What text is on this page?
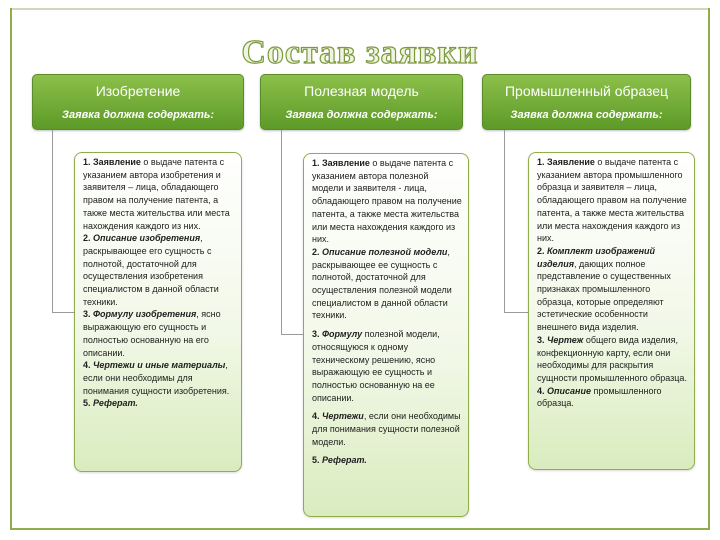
Состав заявки
Изобретение
Заявка должна содержать:
Полезная модель
Заявка должна содержать:
Промышленный образец
Заявка должна содержать:

1. Заявление о выдаче патента с указанием автора изобретения и заявителя – лица, обладающего правом на получение патента, а также места жительства или места нахождения каждого из них.

2. Описание изобретения, раскрывающее его сущность с полнотой, достаточной для осуществления изобретения специалистом в данной области техники.

3. Формулу изобретения, ясно выражающую его сущность и полностью основанную на его описании.

4. Чертежи и иные материалы, если они необходимы для понимания сущности изобретения.

5. Реферат.

1. Заявление о выдаче патента с указанием автора полезной модели и заявителя - лица, обладающего правом на получение патента, а также места жительства или места нахождения каждого из них.

2. Описание полезной модели, раскрывающее ее сущность с полнотой, достаточной для осуществления полезной модели специалистом в данной области техники.

3. Формулу полезной модели, относящуюся к одному техническому решению, ясно выражающую ее сущность и полностью основанную на ее описании.

4. Чертежи, если они необходимы для понимания сущности полезной модели.

5. Реферат.

1. Заявление о выдаче патента с указанием автора промышленного образца и заявителя – лица, обладающего правом на получение патента, а также места жительства или места нахождения каждого из них.

2. Комплект изображений изделия, дающих полное представление о существенных признаках промышленного образца, которые определяют эстетические особенности внешнего вида изделия.

3. Чертеж общего вида изделия, конфекционную карту, если они необходимы для раскрытия сущности промышленного образца.

4. Описание промышленного образца.
